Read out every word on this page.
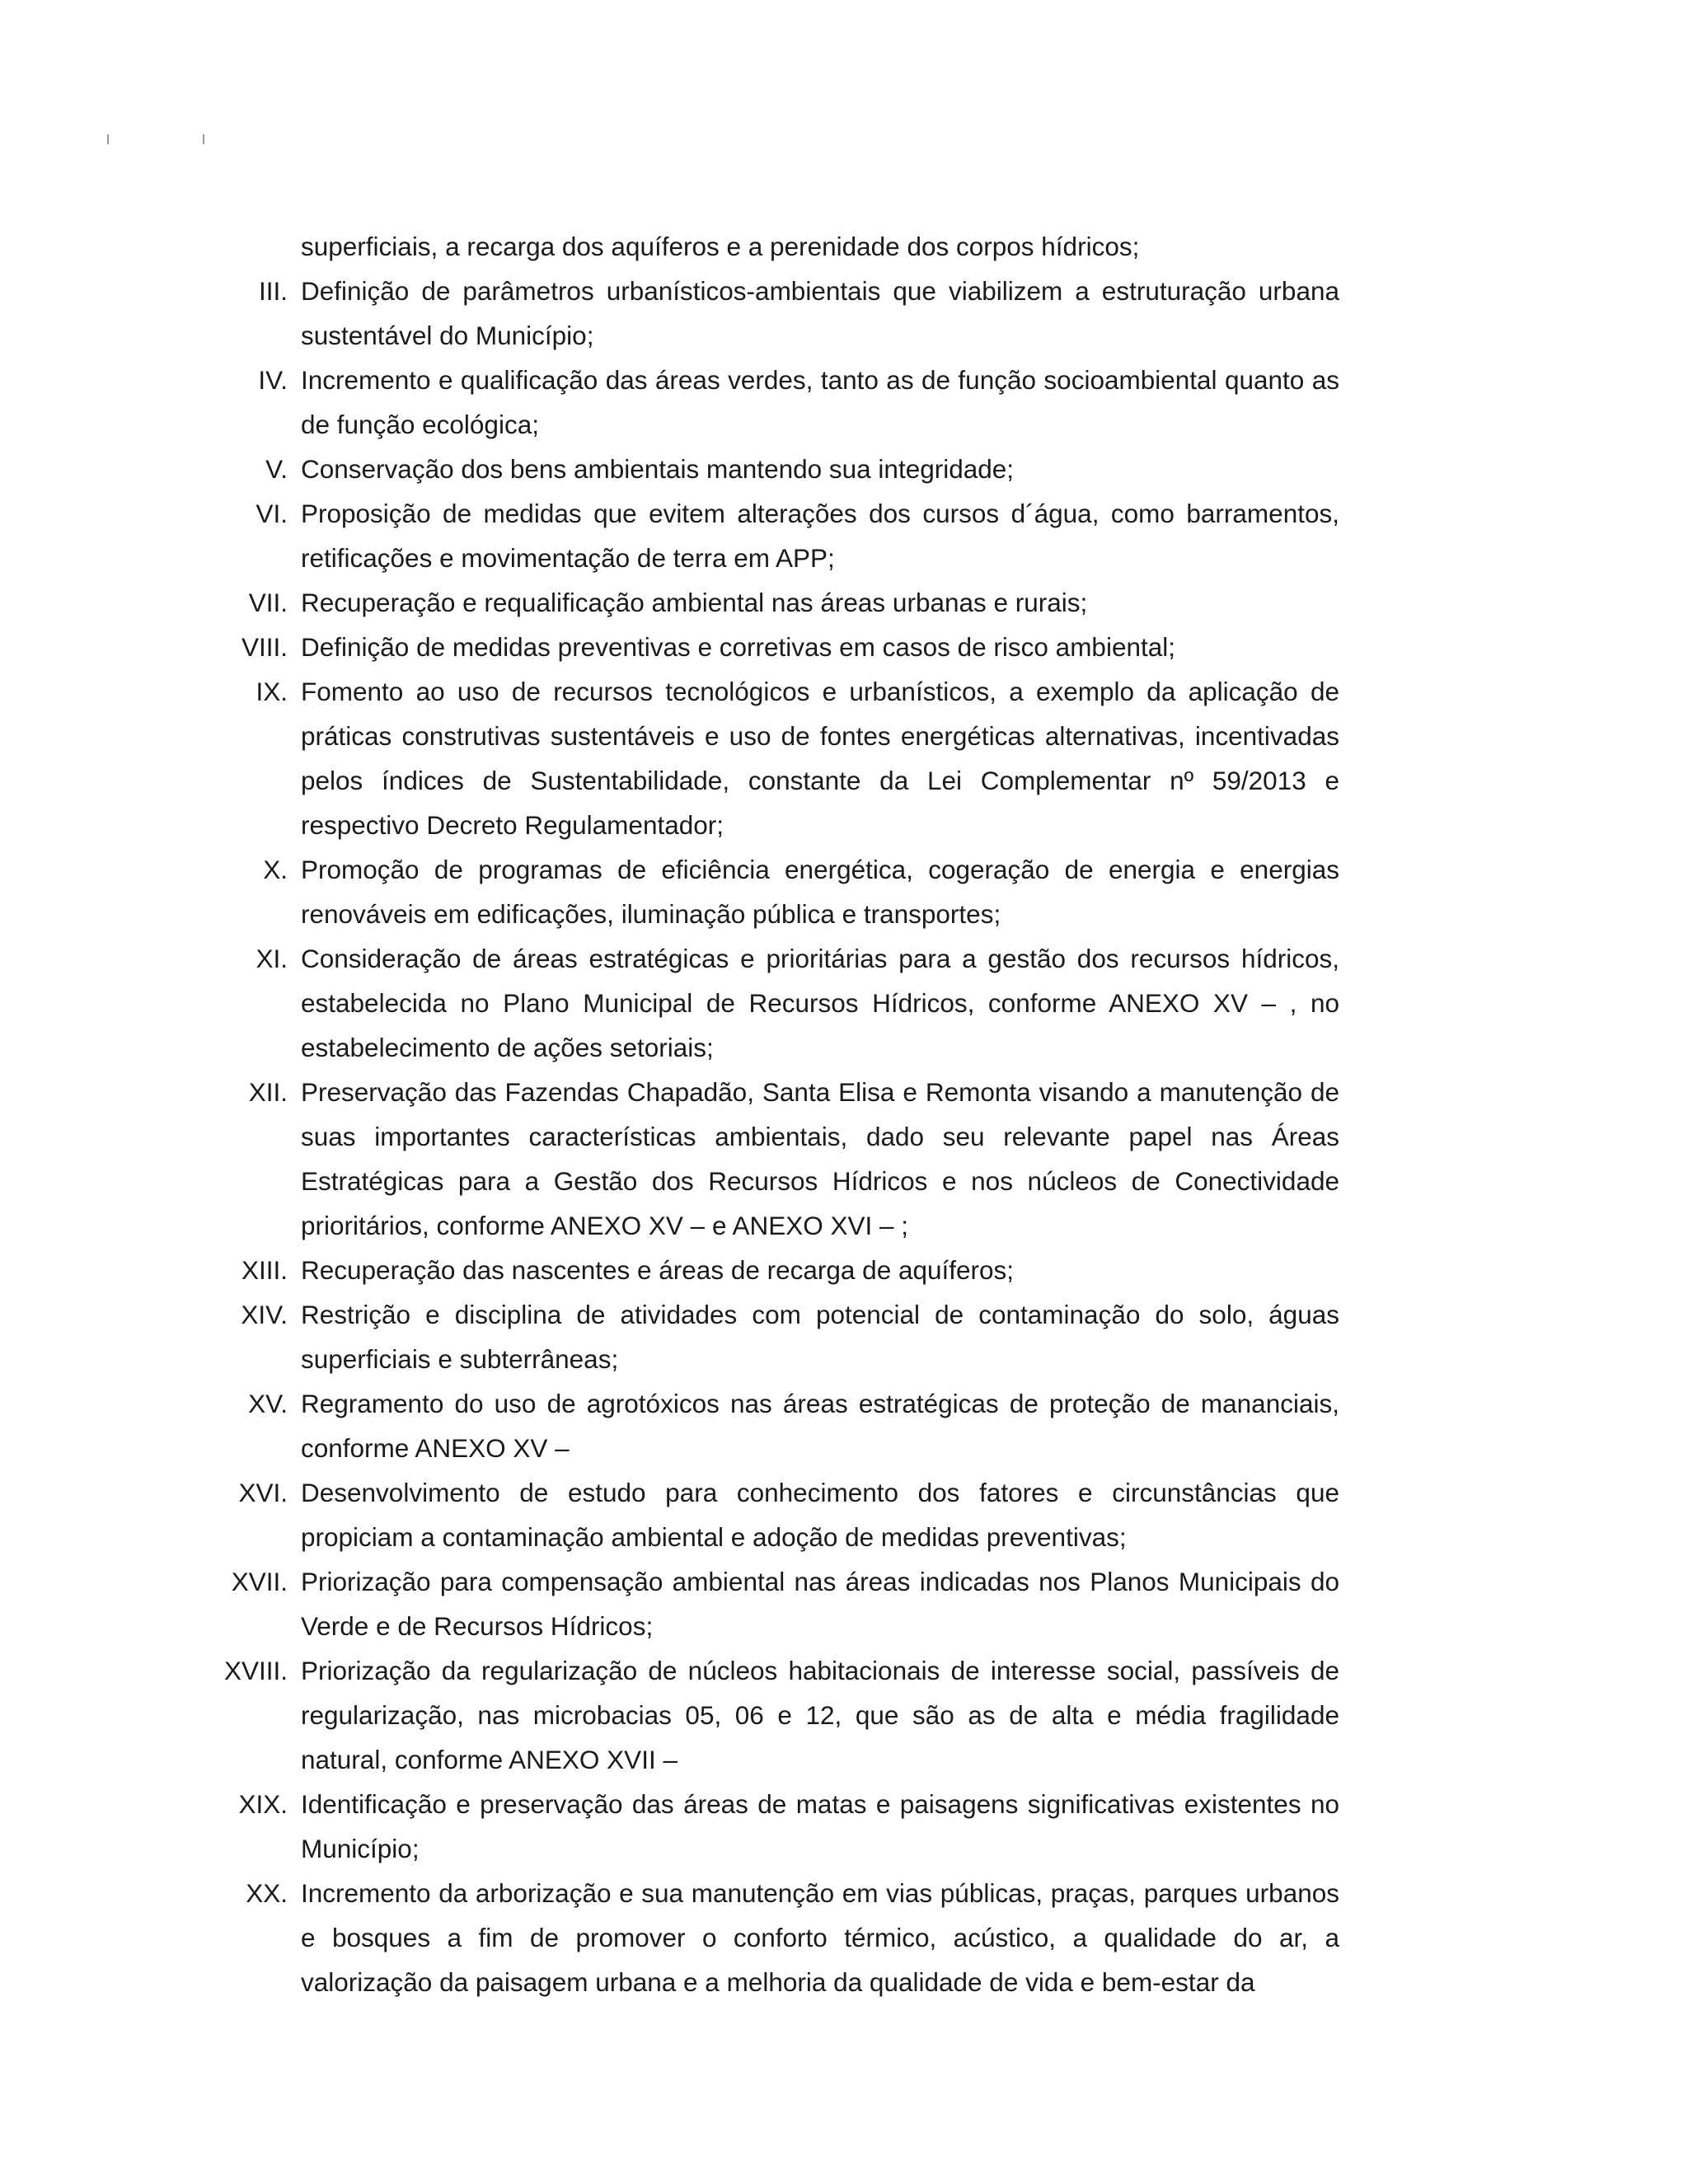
superficiais, a recarga dos aquíferos e a perenidade dos corpos hídricos;
III. Definição de parâmetros urbanísticos-ambientais que viabilizem a estruturação urbana sustentável do Município;
IV. Incremento e qualificação das áreas verdes, tanto as de função socioambiental quanto as de função ecológica;
V. Conservação dos bens ambientais mantendo sua integridade;
VI. Proposição de medidas que evitem alterações dos cursos d´água, como barramentos, retificações e movimentação de terra em APP;
VII. Recuperação e requalificação ambiental nas áreas urbanas e rurais;
VIII. Definição de medidas preventivas e corretivas em casos de risco ambiental;
IX. Fomento ao uso de recursos tecnológicos e urbanísticos, a exemplo da aplicação de práticas construtivas sustentáveis e uso de fontes energéticas alternativas, incentivadas pelos índices de Sustentabilidade, constante da Lei Complementar nº 59/2013 e respectivo Decreto Regulamentador;
X. Promoção de programas de eficiência energética, cogeração de energia e energias renováveis em edificações, iluminação pública e transportes;
XI. Consideração de áreas estratégicas e prioritárias para a gestão dos recursos hídricos, estabelecida no Plano Municipal de Recursos Hídricos, conforme ANEXO XV – , no estabelecimento de ações setoriais;
XII. Preservação das Fazendas Chapadão, Santa Elisa e Remonta visando a manutenção de suas importantes características ambientais, dado seu relevante papel nas Áreas Estratégicas para a Gestão dos Recursos Hídricos e nos núcleos de Conectividade prioritários, conforme ANEXO XV – e ANEXO XVI – ;
XIII. Recuperação das nascentes e áreas de recarga de aquíferos;
XIV. Restrição e disciplina de atividades com potencial de contaminação do solo, águas superficiais e subterrâneas;
XV. Regramento do uso de agrotóxicos nas áreas estratégicas de proteção de mananciais, conforme ANEXO XV –
XVI. Desenvolvimento de estudo para conhecimento dos fatores e circunstâncias que propiciam a contaminação ambiental e adoção de medidas preventivas;
XVII. Priorização para compensação ambiental nas áreas indicadas nos Planos Municipais do Verde e de Recursos Hídricos;
XVIII. Priorização da regularização de núcleos habitacionais de interesse social, passíveis de regularização, nas microbacias 05, 06 e 12, que são as de alta e média fragilidade natural, conforme ANEXO XVII –
XIX. Identificação e preservação das áreas de matas e paisagens significativas existentes no Município;
XX. Incremento da arborização e sua manutenção em vias públicas, praças, parques urbanos e bosques a fim de promover o conforto térmico, acústico, a qualidade do ar, a valorização da paisagem urbana e a melhoria da qualidade de vida e bem-estar da
